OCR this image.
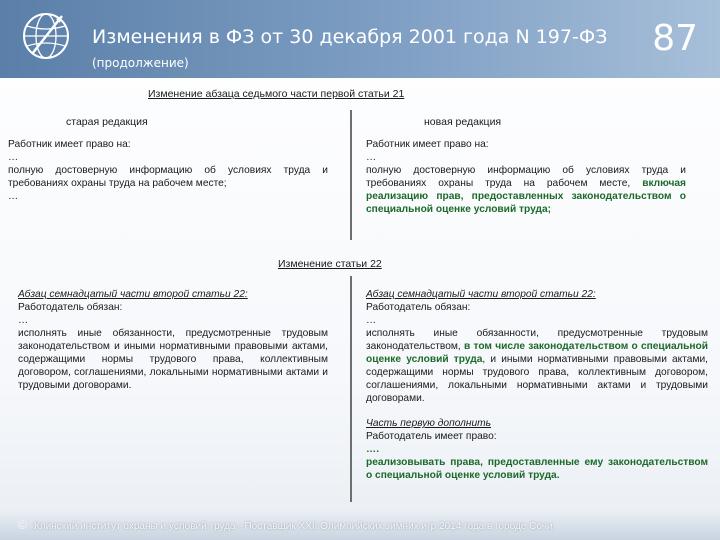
Изменения в ФЗ от 30 декабря 2001 года N 197-ФЗ
(продолжение)
87
Изменение абзаца седьмого части первой статьи 21
старая редакция	новая редакция

Работник имеет право на:

…

полную достоверную информацию об условиях труда и требованиях охраны труда на рабочем месте;

…

Работник имеет право на:

…

полную достоверную информацию об условиях труда и требованиях охраны труда на рабочем месте, включая реализацию прав, предоставленных законодательством о специальной оценке условий труда;

Изменение статьи 22

Абзац семнадцатый части второй статьи 22:

Работодатель обязан:

…

исполнять иные обязанности, предусмотренные трудовым законодательством и иными нормативными правовыми актами, содержащими нормы трудового права, коллективным договором, соглашениями, локальными нормативными актами и трудовыми договорами.

Абзац семнадцатый части второй статьи 22:

Работодатель обязан:

…

исполнять иные обязанности, предусмотренные трудовым законодательством, в том числе законодательством о специальной оценке условий труда, и иными нормативными правовыми актами, содержащими нормы трудового права, коллективным договором, соглашениями, локальными нормативными актами и трудовыми договорами.

Часть первую дополнить

Работодатель имеет право:

….

реализовывать права, предоставленные ему законодательством о специальной оценке условий труда.

© Клинский институт охраны и условий труда - Поставщик XXII Олимпийских зимних игр 2014 года в городе Сочи
